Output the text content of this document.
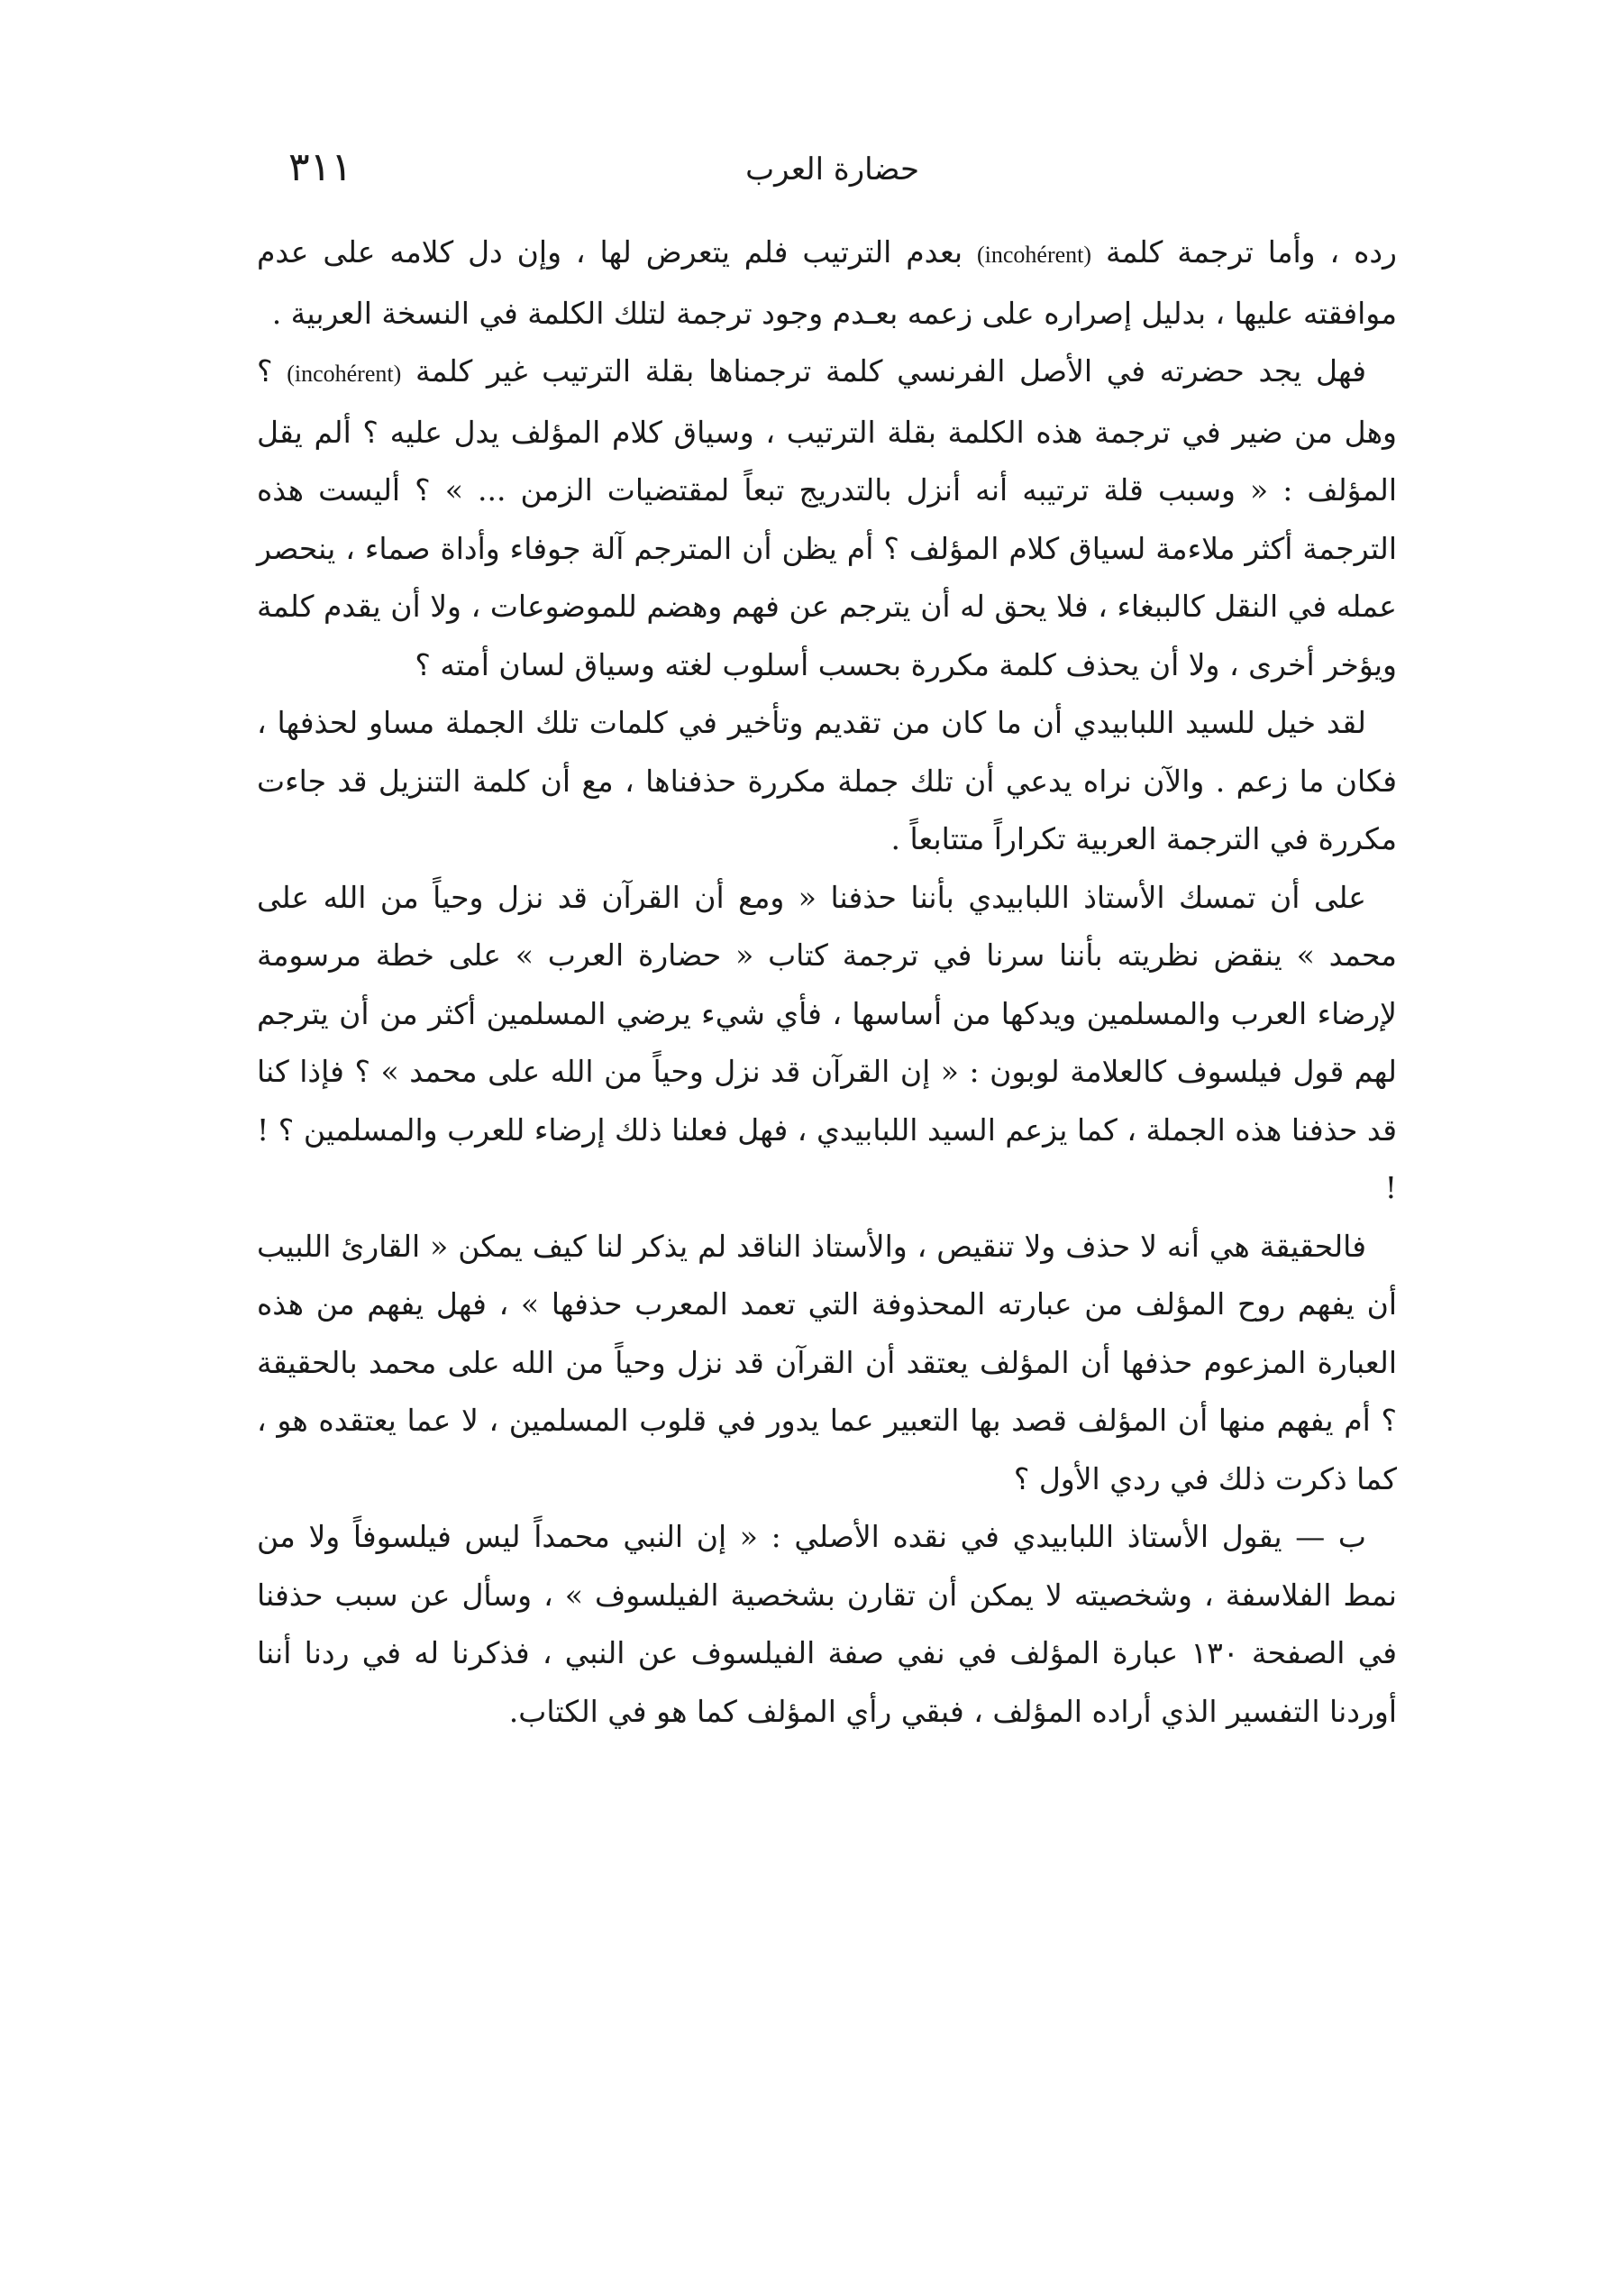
حضارة العرب
٣١١

رده ، وأما ترجمة كلمة (incohérent) بعدم الترتيب فلم يتعرض لها ، وإن دل كلامه على عدم موافقته عليها ، بدليل إصراره على زعمه بعـدم وجود ترجمة لتلك الكلمة في النسخة العربية .

فهل يجد حضرته في الأصل الفرنسي كلمة ترجمناها بقلة الترتيب غير كلمة (incohérent) ؟ وهل من ضير في ترجمة هذه الكلمة بقلة الترتيب ، وسياق كلام المؤلف يدل عليه ؟ ألم يقل المؤلف : « وسبب قلة ترتيبه أنه أنزل بالتدريج تبعاً لمقتضيات الزمن ... » ؟ أليست هذه الترجمة أكثر ملاءمة لسياق كلام المؤلف ؟ أم يظن أن المترجم آلة جوفاء وأداة صماء ، ينحصر عمله في النقل كالببغاء ، فلا يحق له أن يترجم عن فهم وهضم للموضوعات ، ولا أن يقدم كلمة ويؤخر أخرى ، ولا أن يحذف كلمة مكررة بحسب أسلوب لغته وسياق لسان أمته ؟

لقد خيل للسيد اللبابيدي أن ما كان من تقديم وتأخير في كلمات تلك الجملة مساو لحذفها ، فكان ما زعم . والآن نراه يدعي أن تلك جملة مكررة حذفناها ، مع أن كلمة التنزيل قد جاءت مكررة في الترجمة العربية تكراراً متتابعاً .

على أن تمسك الأستاذ اللبابيدي بأننا حذفنا « ومع أن القرآن قد نزل وحياً من الله على محمد » ينقض نظريته بأننا سرنا في ترجمة كتاب « حضارة العرب » على خطة مرسومة لإرضاء العرب والمسلمين ويدكها من أساسها ، فأي شيء يرضي المسلمين أكثر من أن يترجم لهم قول فيلسوف كالعلامة لوبون : « إن القرآن قد نزل وحياً من الله على محمد » ؟ فإذا كنا قد حذفنا هذه الجملة ، كما يزعم السيد اللبابيدي ، فهل فعلنا ذلك إرضاء للعرب والمسلمين ؟ ! !

فالحقيقة هي أنه لا حذف ولا تنقيص ، والأستاذ الناقد لم يذكر لنا كيف يمكن « القارئ اللبيب أن يفهم روح المؤلف من عبارته المحذوفة التي تعمد المعرب حذفها » ، فهل يفهم من هذه العبارة المزعوم حذفها أن المؤلف يعتقد أن القرآن قد نزل وحياً من الله على محمد بالحقيقة ؟ أم يفهم منها أن المؤلف قصد بها التعبير عما يدور في قلوب المسلمين ، لا عما يعتقده هو ، كما ذكرت ذلك في ردي الأول ؟

ب — يقول الأستاذ اللبابيدي في نقده الأصلي : « إن النبي محمداً ليس فيلسوفاً ولا من نمط الفلاسفة ، وشخصيته لا يمكن أن تقارن بشخصية الفيلسوف » ، وسأل عن سبب حذفنا في الصفحة ١٣٠ عبارة المؤلف في نفي صفة الفيلسوف عن النبي ، فذكرنا له في ردنا أننا أوردنا التفسير الذي أراده المؤلف ، فبقي رأي المؤلف كما هو في الكتاب.
